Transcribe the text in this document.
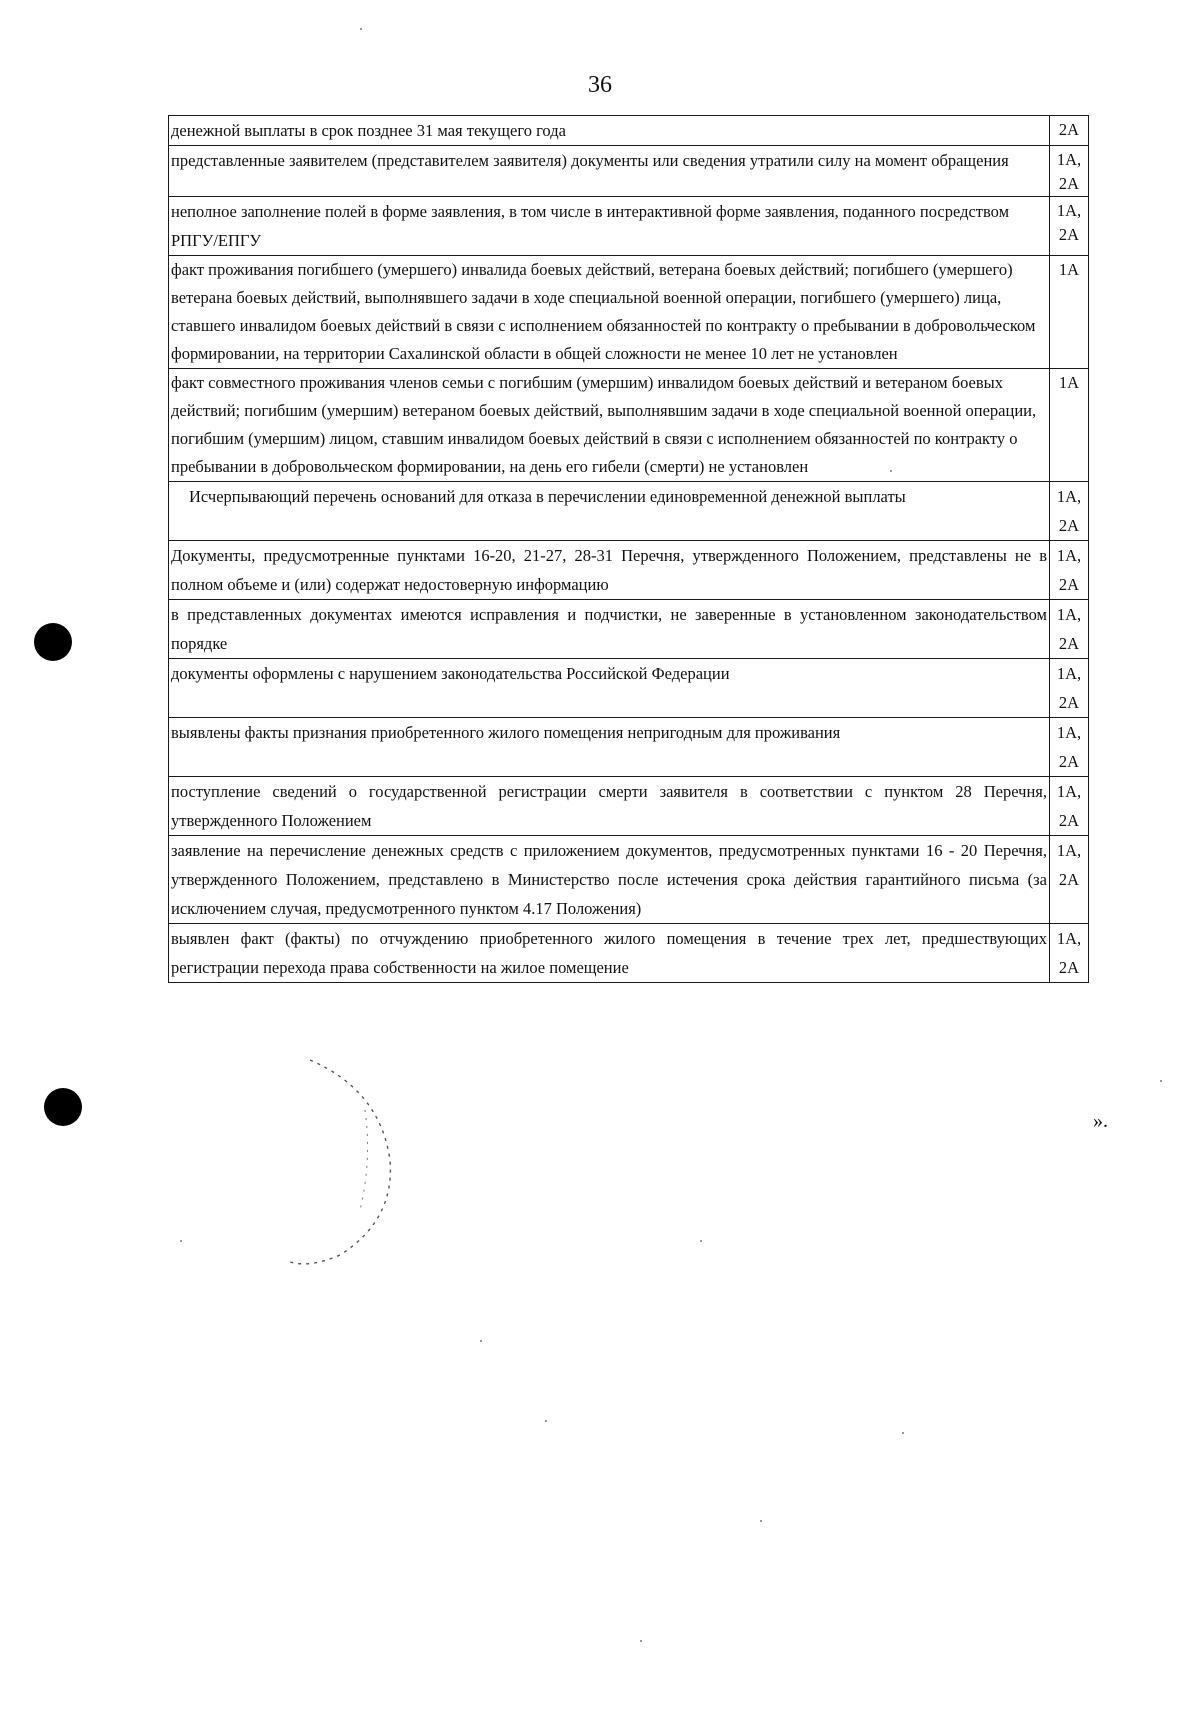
36
денежной выплаты в срок позднее 31 мая текущего года	2А
представленные заявителем (представителем заявителя) документы или сведения утратили силу на момент обращения	1А, 2А
неполное заполнение полей в форме заявления, в том числе в интерактивной форме заявления, поданного посредством РПГУ/ЕПГУ	1А, 2А
факт проживания погибшего (умершего) инвалида боевых действий, ветерана боевых действий; погибшего (умершего) ветерана боевых действий, выполнявшего задачи в ходе специальной военной операции, погибшего (умершего) лица, ставшего инвалидом боевых действий в связи с исполнением обязанностей по контракту о пребывании в добровольческом формировании, на территории Сахалинской области в общей сложности не менее 10 лет не установлен	1А
факт совместного проживания членов семьи с погибшим (умершим) инвалидом боевых действий и ветераном боевых действий; погибшим (умершим) ветераном боевых действий, выполнявшим задачи в ходе специальной военной операции, погибшим (умершим) лицом, ставшим инвалидом боевых действий в связи с исполнением обязанностей по контракту о пребывании в добровольческом формировании, на день его гибели (смерти) не установлен	1А
Исчерпывающий перечень оснований для отказа в перечислении единовременной денежной выплаты	1А, 2А
Документы, предусмотренные пунктами 16-20, 21-27, 28-31 Перечня, утвержденного Положением, представлены не в полном объеме и (или) содержат недостоверную информацию	1А, 2А
в представленных документах имеются исправления и подчистки, не заверенные в установленном законодательством порядке	1А, 2А
документы оформлены с нарушением законодательства Российской Федерации	1А, 2А
выявлены факты признания приобретенного жилого помещения непригодным для проживания	1А, 2А
поступление сведений о государственной регистрации смерти заявителя в соответствии с пунктом 28 Перечня, утвержденного Положением	1А, 2А
заявление на перечисление денежных средств с приложением документов, предусмотренных пунктами 16 - 20 Перечня, утвержденного Положением, представлено в Министерство после истечения срока действия гарантийного письма (за исключением случая, предусмотренного пунктом 4.17 Положения)	1А, 2А
выявлен факт (факты) по отчуждению приобретенного жилого помещения в течение трех лет, предшествующих регистрации перехода права собственности на жилое помещение	1А, 2А
».
